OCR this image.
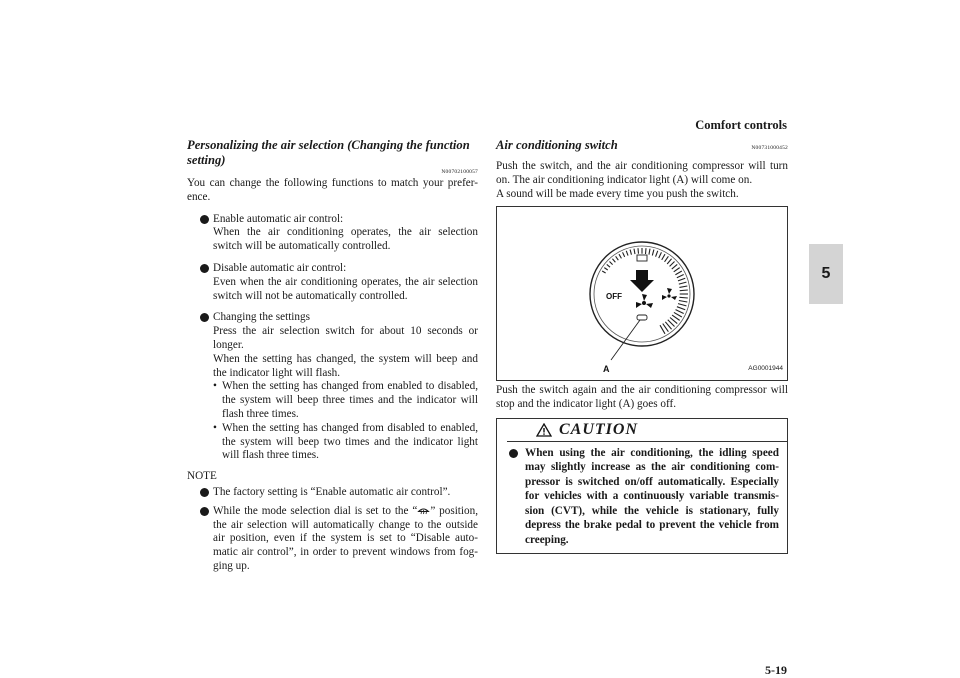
Comfort controls
5
5-19
Personalizing the air selection (Changing the function setting)
N00702100057

You can change the following functions to match your prefer-ence.

Enable automatic air control:
When the air conditioning operates, the air selection switch will be automatically controlled.
Disable automatic air control:
Even when the air conditioning operates, the air selection switch will not be automatically controlled.
Changing the settings
Press the air selection switch for about 10 seconds or longer.
When the setting has changed, the system will beep and the indicator light will flash.
• When the setting has changed from enabled to disabled, the system will beep three times and the indicator will flash three times.
• When the setting has changed from disabled to enabled, the system will beep two times and the indicator light will flash three times.
NOTE
The factory setting is “Enable automatic air control”.
While the mode selection dial is set to the “ ” position, the air selection will automatically change to the outside air position, even if the system is set to “Disable auto-matic air control”, in order to prevent windows from fog-ging up.
N00731000452
Air conditioning switch

Push the switch, and the air conditioning compressor will turn on. The air conditioning indicator light (A) will come on.

A sound will be made every time you push the switch.

OFF
A	AG0001944

Push the switch again and the air conditioning compressor will stop and the indicator light (A) goes off.

CAUTION
When using the air conditioning, the idling speed may slightly increase as the air conditioning com-pressor is switched on/off automatically. Especially for vehicles with a continuously variable transmis-sion (CVT), while the vehicle is stationary, fully depress the brake pedal to prevent the vehicle from creeping.
